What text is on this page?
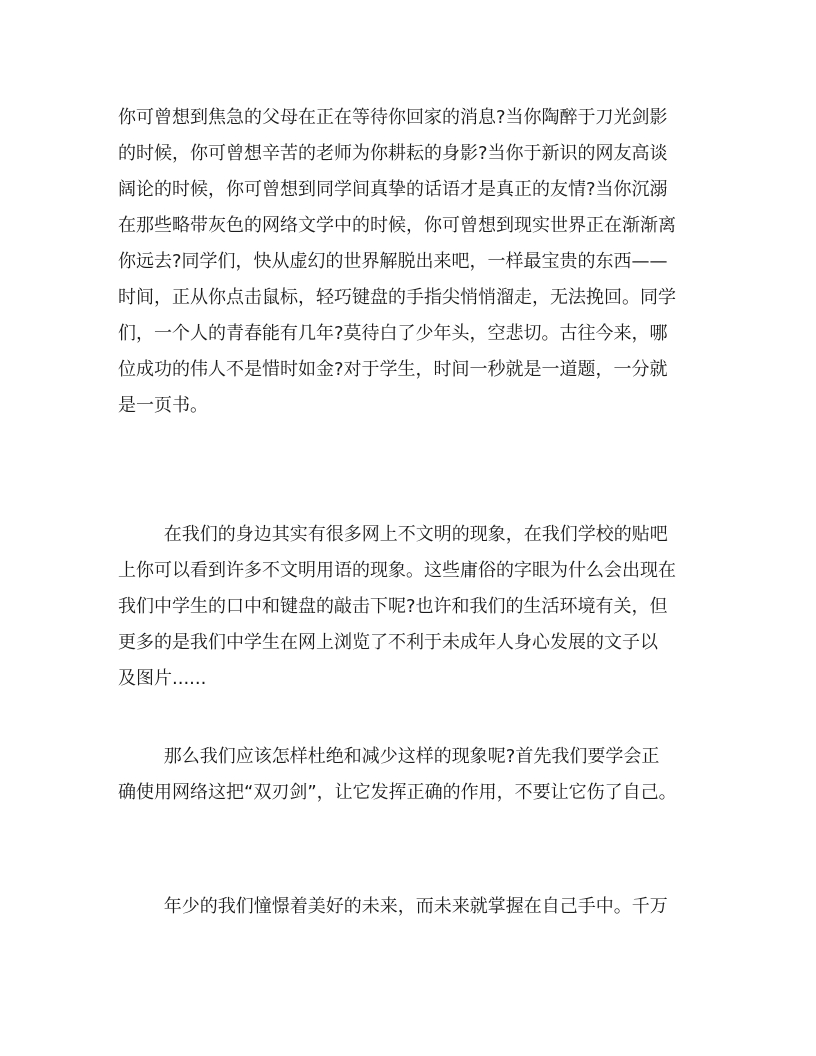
你可曾想到焦急的父母在正在等待你回家的消息?当你陶醉于刀光剑影
的时候，你可曾想辛苦的老师为你耕耘的身影?当你于新识的网友高谈
阔论的时候，你可曾想到同学间真挚的话语才是真正的友情?当你沉溺
在那些略带灰色的网络文学中的时候，你可曾想到现实世界正在渐渐离
你远去?同学们，快从虚幻的世界解脱出来吧，一样最宝贵的东西——
时间，正从你点击鼠标，轻巧键盘的手指尖悄悄溜走，无法挽回。同学
们，一个人的青春能有几年?莫待白了少年头，空悲切。古往今来，哪
位成功的伟人不是惜时如金?对于学生，时间一秒就是一道题，一分就
是一页书。

在我们的身边其实有很多网上不文明的现象，在我们学校的贴吧
上你可以看到许多不文明用语的现象。这些庸俗的字眼为什么会出现在
我们中学生的口中和键盘的敲击下呢?也许和我们的生活环境有关，但
更多的是我们中学生在网上浏览了不利于未成年人身心发展的文子以
及图片......

那么我们应该怎样杜绝和减少这样的现象呢?首先我们要学会正
确使用网络这把“双刃剑”，让它发挥正确的作用，不要让它伤了自己。

年少的我们憧憬着美好的未来，而未来就掌握在自己手中。千万
